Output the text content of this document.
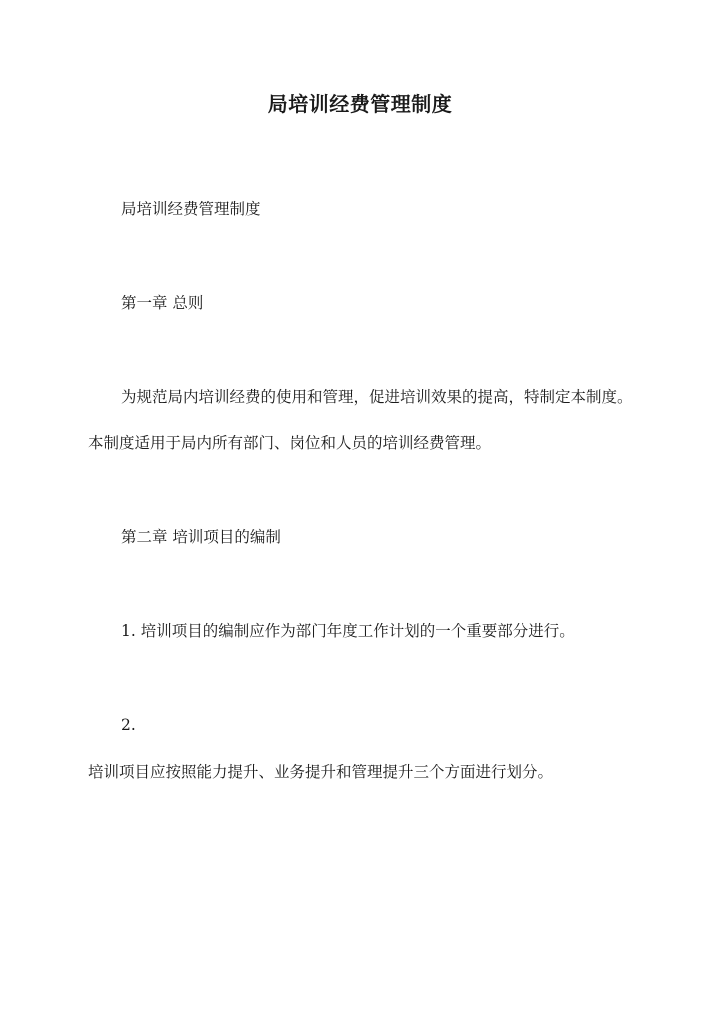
局培训经费管理制度
局培训经费管理制度
第一章 总则
为规范局内培训经费的使用和管理，促进培训效果的提高，特制定本制度。本制度适用于局内所有部门、岗位和人员的培训经费管理。
第二章 培训项目的编制
1. 培训项目的编制应作为部门年度工作计划的一个重要部分进行。
2.
培训项目应按照能力提升、业务提升和管理提升三个方面进行划分。
